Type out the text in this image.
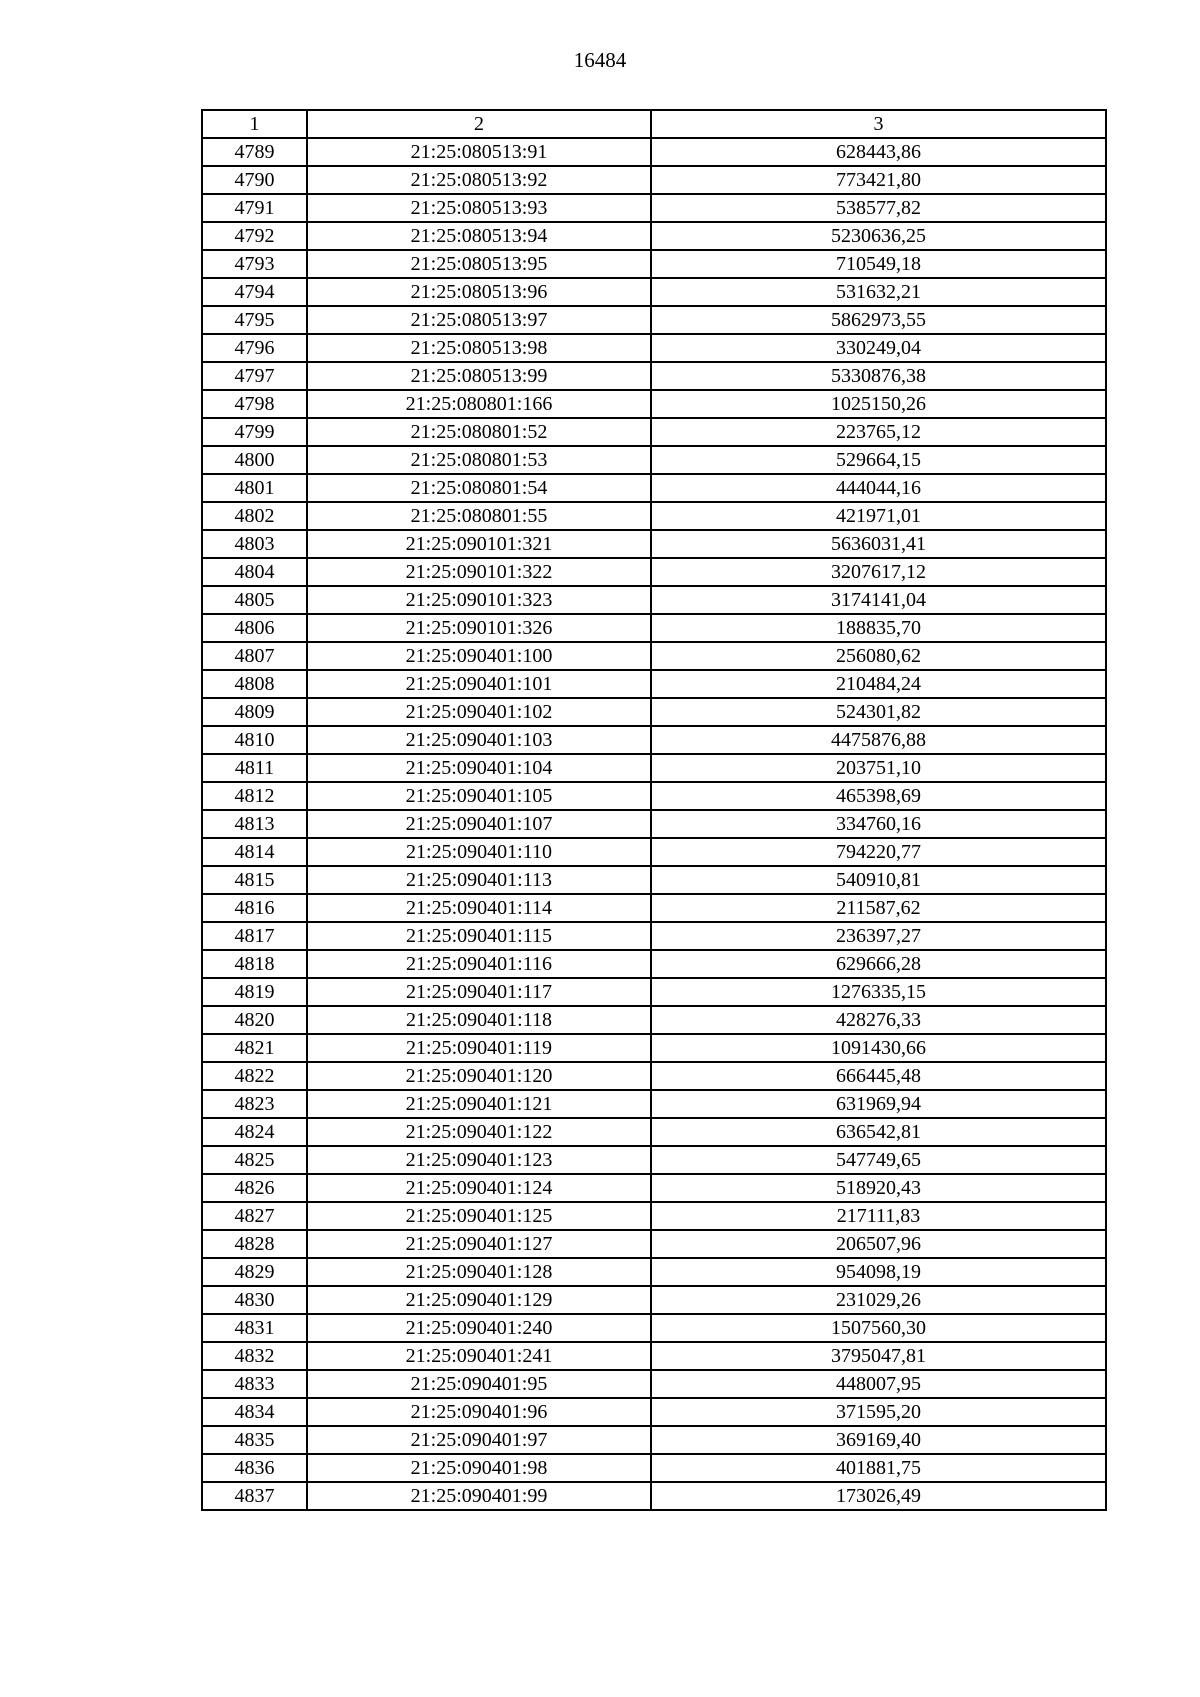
16484
1	2	3
4789	21:25:080513:91	628443,86
4790	21:25:080513:92	773421,80
4791	21:25:080513:93	538577,82
4792	21:25:080513:94	5230636,25
4793	21:25:080513:95	710549,18
4794	21:25:080513:96	531632,21
4795	21:25:080513:97	5862973,55
4796	21:25:080513:98	330249,04
4797	21:25:080513:99	5330876,38
4798	21:25:080801:166	1025150,26
4799	21:25:080801:52	223765,12
4800	21:25:080801:53	529664,15
4801	21:25:080801:54	444044,16
4802	21:25:080801:55	421971,01
4803	21:25:090101:321	5636031,41
4804	21:25:090101:322	3207617,12
4805	21:25:090101:323	3174141,04
4806	21:25:090101:326	188835,70
4807	21:25:090401:100	256080,62
4808	21:25:090401:101	210484,24
4809	21:25:090401:102	524301,82
4810	21:25:090401:103	4475876,88
4811	21:25:090401:104	203751,10
4812	21:25:090401:105	465398,69
4813	21:25:090401:107	334760,16
4814	21:25:090401:110	794220,77
4815	21:25:090401:113	540910,81
4816	21:25:090401:114	211587,62
4817	21:25:090401:115	236397,27
4818	21:25:090401:116	629666,28
4819	21:25:090401:117	1276335,15
4820	21:25:090401:118	428276,33
4821	21:25:090401:119	1091430,66
4822	21:25:090401:120	666445,48
4823	21:25:090401:121	631969,94
4824	21:25:090401:122	636542,81
4825	21:25:090401:123	547749,65
4826	21:25:090401:124	518920,43
4827	21:25:090401:125	217111,83
4828	21:25:090401:127	206507,96
4829	21:25:090401:128	954098,19
4830	21:25:090401:129	231029,26
4831	21:25:090401:240	1507560,30
4832	21:25:090401:241	3795047,81
4833	21:25:090401:95	448007,95
4834	21:25:090401:96	371595,20
4835	21:25:090401:97	369169,40
4836	21:25:090401:98	401881,75
4837	21:25:090401:99	173026,49
